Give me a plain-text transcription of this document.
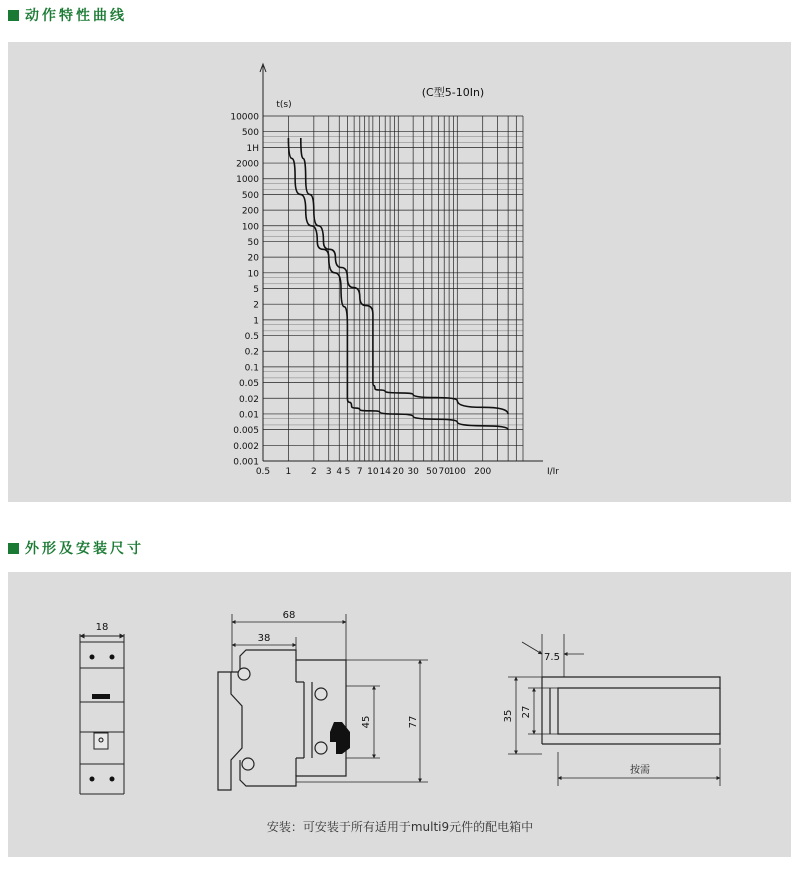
动作特性曲线
10000
500
1H
2000
1000
500
200
100
50
20
10
5
2
1
0.5
0.2
0.1
0.05
0.02
0.01
0.005
0.002
0.001
0.5 1 2 3 4 5 7 10 14 20 30 50 70
100 200
t(s)
I/Ir
(C型5-10In)
外形及安装尺寸
18
68
38
77
45
7.5
35 27
按需
安装：可安装于所有适用于multi9元件的配电箱中
